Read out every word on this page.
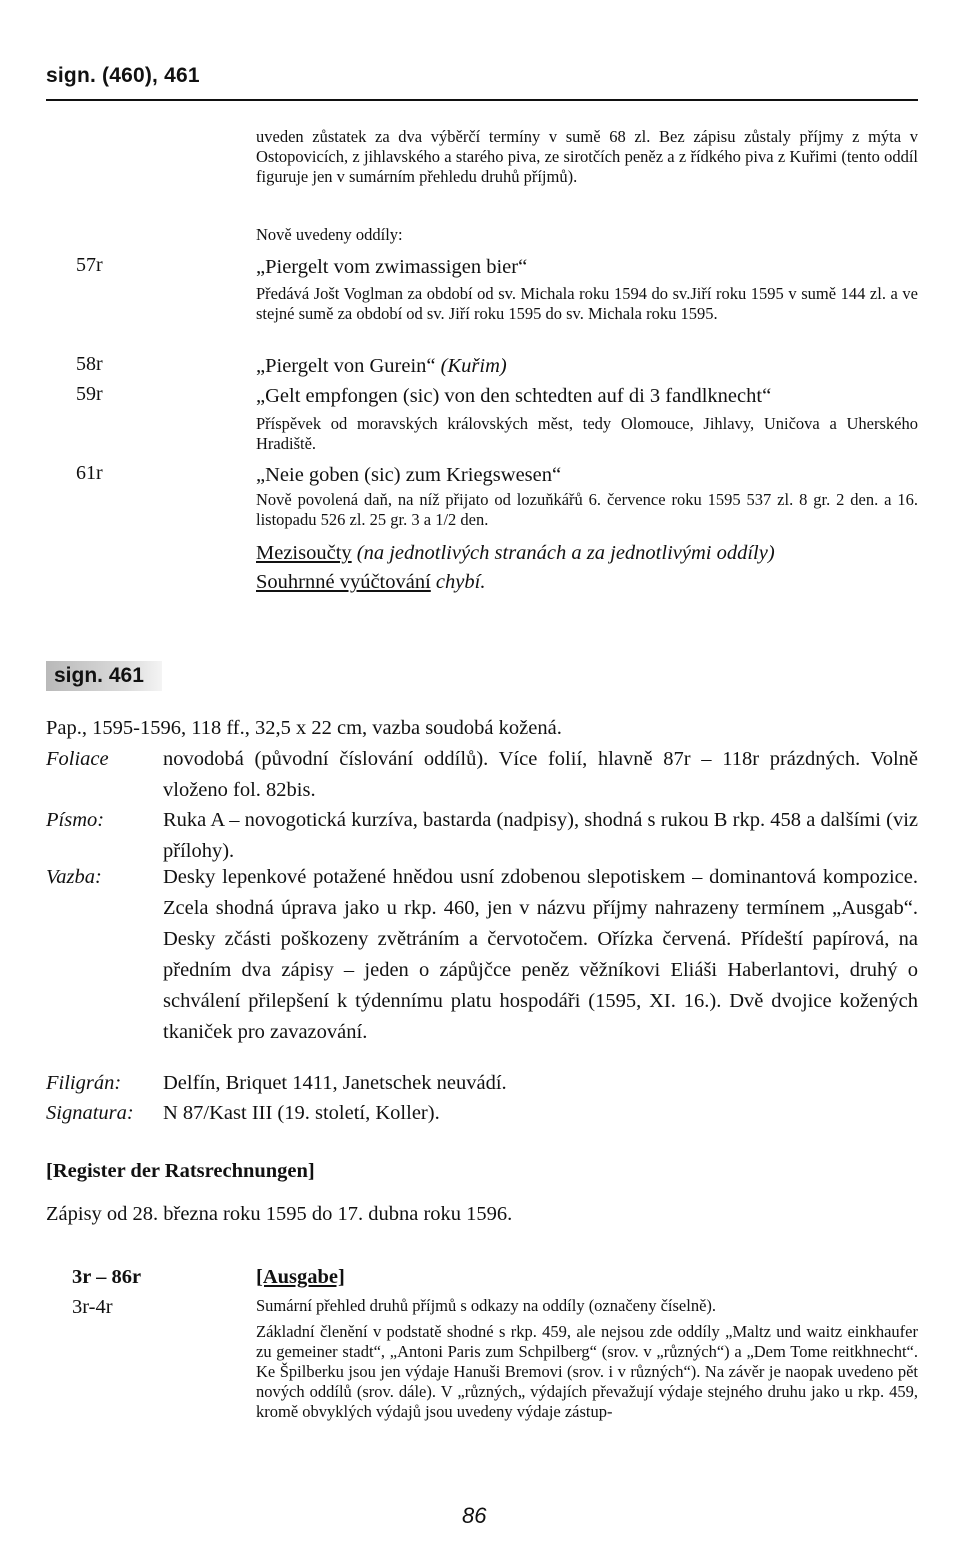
sign. (460), 461
uveden zůstatek za dva výběrčí termíny v sumě 68 zl. Bez zápisu zůstaly příjmy z mýta v Ostopovicích, z jihlavského a starého piva, ze sirotčích peněz a z řídkého piva z Kuřimi (tento oddíl figuruje jen v sumárním přehledu druhů příjmů).
Nově uvedeny oddíly:
57r	„Piergelt vom zwimassigen bier“
Předává Jošt Voglman za období od sv. Michala roku 1594 do sv.Jiří roku 1595 v sumě 144 zl. a ve stejné sumě za období od sv. Jiří roku 1595 do sv. Michala roku 1595.
58r	„Piergelt von Gurein“ (Kuřim)
59r	„Gelt empfongen (sic) von den schtedten auf di 3 fandlknecht“
Příspěvek od moravských královských měst, tedy Olomouce, Jihlavy, Uničova a Uherského Hradiště.
61r	„Neie goben (sic) zum Kriegswesen“
Nově povolená daň, na níž přijato od lozuňkářů 6. července roku 1595 537 zl. 8 gr. 2 den. a 16. listopadu 526 zl. 25 gr. 3 a 1/2 den.
Mezisoučty (na jednotlivých stranách a za jednotlivými oddíly)
Souhrnné vyúčtování chybí.
sign. 461
Pap., 1595-1596, 118 ff., 32,5 x 22 cm, vazba soudobá kožená.
Foliace	novodobá (původní číslování oddílů). Více folií, hlavně 87r – 118r prázdných. Volně vloženo fol. 82bis.
Písmo:	Ruka A – novogotická kurzíva, bastarda (nadpisy), shodná s rukou B rkp. 458 a dalšími (viz přílohy).
Vazba:	Desky lepenkové potažené hnědou usní zdobenou slepotiskem – dominantová kompozice. Zcela shodná úprava jako u rkp. 460, jen v názvu příjmy nahrazeny termínem „Ausgab“. Desky zčásti poškozeny zvětráním a červotočem. Ořízka červená. Přídeští papírová, na předním dva zápisy – jeden o zápůjčce peněz věžníkovi Eliáši Haberlantovi, druhý o schválení přilepšení k týdennímu platu hospodáři (1595, XI. 16.). Dvě dvojice kožených tkaniček pro zavazování.
Filigrán: Delfín, Briquet 1411, Janetschek neuvádí.
Signatura: N 87/Kast III (19. století, Koller).
[Register der Ratsrechnungen]
Zápisy od 28. března roku 1595 do 17. dubna roku 1596.
3r – 86r	[Ausgabe]
3r-4r	Sumární přehled druhů příjmů s odkazy na oddíly (označeny číselně).
Základní členění v podstatě shodné s rkp. 459, ale nejsou zde oddíly „Maltz und waitz einkhaufer zu gemeiner stadt“, „Antoni Paris zum Schpilberg“ (srov. v „různých“) a „Dem Tome reitkhnecht“. Ke Špilberku jsou jen výdaje Hanuši Bremovi (srov. i v různých“). Na závěr je naopak uvedeno pět nových oddílů (srov. dále). V „různých„ výdajích převažují výdaje stejného druhu jako u rkp. 459, kromě obvyklých výdajů jsou uvedeny výdaje zástup-
86
